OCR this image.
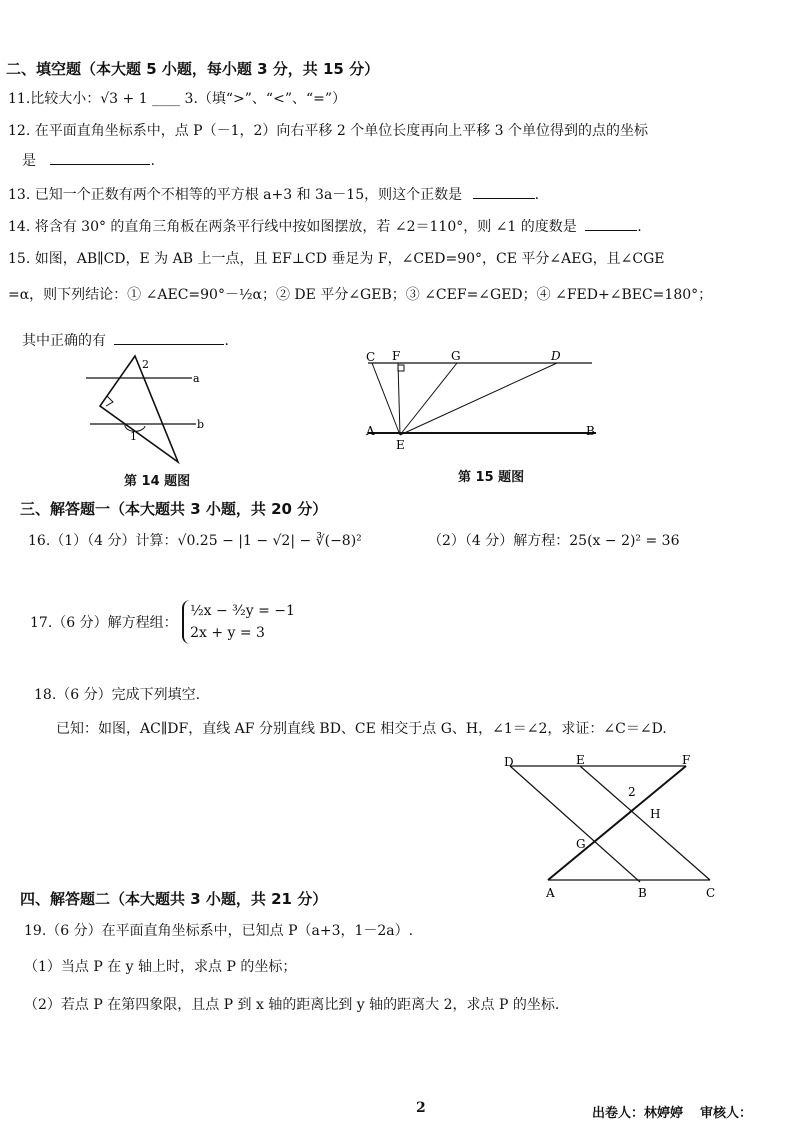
二、填空题（本大题 5 小题，每小题 3 分，共 15 分）
11.比较大小：√3 + 1 ____ 3.（填“>”、“<”、“=”）
12. 在平面直角坐标系中，点 P（－1，2）向右平移 2 个单位长度再向上平移 3 个单位得到的点的坐标
是	.
13. 已知一个正数有两个不相等的平方根 a+3 和 3a－15，则这个正数是	.
14. 将含有 30° 的直角三角板在两条平行线中按如图摆放，若 ∠2＝110°，则 ∠1 的度数是	.
15. 如图，AB∥CD，E 为 AB 上一点，且 EF⊥CD 垂足为 F，∠CED=90°，CE 平分∠AEG，且∠CGE
=α，则下列结论：① ∠AEC=90°－½α；② DE 平分∠GEB；③ ∠CEF=∠GED；④ ∠FED+∠BEC=180°；
其中正确的有	.
a
b
1
2
第 14 题图
C F	G	D
A
E
B
第 15 题图
三、解答题一（本大题共 3 小题，共 20 分）
16.（1）（4 分）计算：√0.25 − |1 − √2| − ∛(−8)²	（2）（4 分）解方程：25(x − 2)² = 36
17.（6 分）解方程组： ½x − ³⁄₂y = −1
2x + y = 3
18.（6 分）完成下列填空.
已知：如图，AC∥DF，直线 AF 分别直线 BD、CE 相交于点 G、H，∠1＝∠2，求证：∠C＝∠D.
D	E	F
2
H
G
A	B	C
四、解答题二（本大题共 3 小题，共 21 分）
19.（6 分）在平面直角坐标系中，已知点 P（a+3，1－2a）.
（1）当点 P 在 y 轴上时，求点 P 的坐标；
（2）若点 P 在第四象限，且点 P 到 x 轴的距离比到 y 轴的距离大 2，求点 P 的坐标.
2	出卷人：林婷婷 审核人：
